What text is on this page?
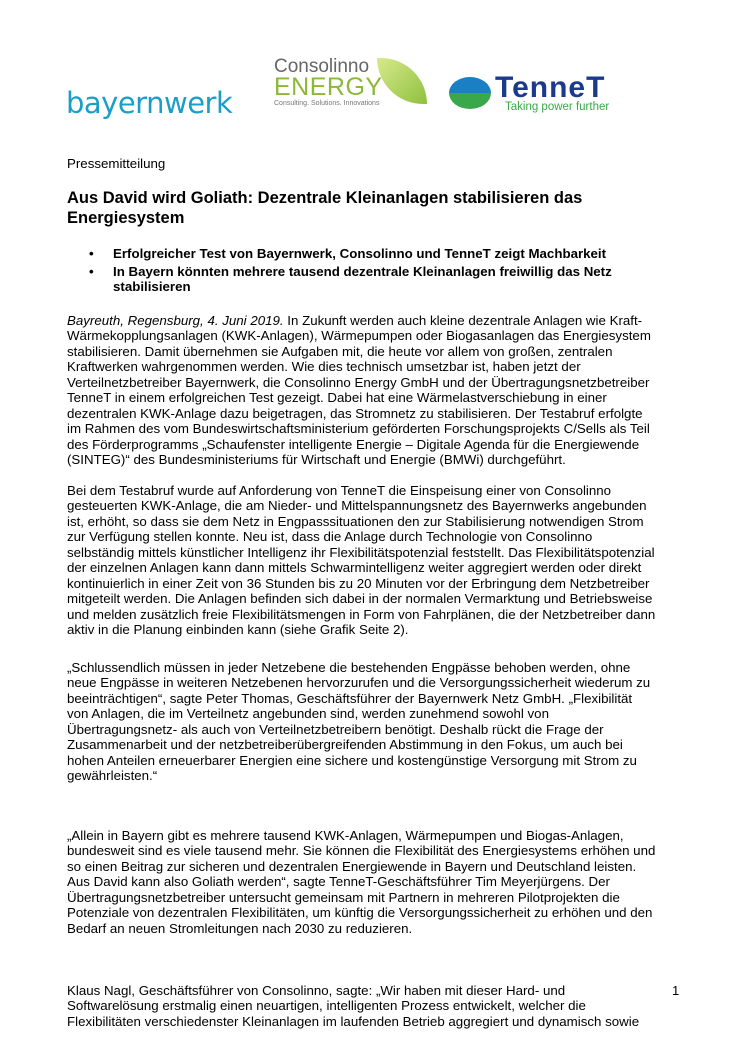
bayernwerk
Consolinno
ENERGY
Consulting. Solutions. Innovations	TenneT
Taking power further
Pressemitteilung
Aus David wird Goliath: Dezentrale Kleinanlagen stabilisieren das
Energiesystem
• Erfolgreicher Test von Bayernwerk, Consolinno und TenneT zeigt Machbarkeit
• In Bayern könnten mehrere tausend dezentrale Kleinanlagen freiwillig das Netz
stabilisieren
Bayreuth, Regensburg, 4. Juni 2019. In Zukunft werden auch kleine dezentrale Anlagen wie Kraft-
Wärmekopplungsanlagen (KWK-Anlagen), Wärmepumpen oder Biogasanlagen das Energiesystem
stabilisieren. Damit übernehmen sie Aufgaben mit, die heute vor allem von großen, zentralen
Kraftwerken wahrgenommen werden. Wie dies technisch umsetzbar ist, haben jetzt der
Verteilnetzbetreiber Bayernwerk, die Consolinno Energy GmbH und der Übertragungsnetzbetreiber
TenneT in einem erfolgreichen Test gezeigt. Dabei hat eine Wärmelastverschiebung in einer
dezentralen KWK-Anlage dazu beigetragen, das Stromnetz zu stabilisieren. Der Testabruf erfolgte
im Rahmen des vom Bundeswirtschaftsministerium geförderten Forschungsprojekts C/Sells als Teil
des Förderprogramms „Schaufenster intelligente Energie – Digitale Agenda für die Energiewende
(SINTEG)“ des Bundesministeriums für Wirtschaft und Energie (BMWi) durchgeführt.
Bei dem Testabruf wurde auf Anforderung von TenneT die Einspeisung einer von Consolinno
gesteuerten KWK-Anlage, die am Nieder- und Mittelspannungsnetz des Bayernwerks angebunden
ist, erhöht, so dass sie dem Netz in Engpasssituationen den zur Stabilisierung notwendigen Strom
zur Verfügung stellen konnte. Neu ist, dass die Anlage durch Technologie von Consolinno
selbständig mittels künstlicher Intelligenz ihr Flexibilitätspotenzial feststellt. Das Flexibilitätspotenzial
der einzelnen Anlagen kann dann mittels Schwarmintelligenz weiter aggregiert werden oder direkt
kontinuierlich in einer Zeit von 36 Stunden bis zu 20 Minuten vor der Erbringung dem Netzbetreiber
mitgeteilt werden. Die Anlagen befinden sich dabei in der normalen Vermarktung und Betriebsweise
und melden zusätzlich freie Flexibilitätsmengen in Form von Fahrplänen, die der Netzbetreiber dann
aktiv in die Planung einbinden kann (siehe Grafik Seite 2).
„Schlussendlich müssen in jeder Netzebene die bestehenden Engpässe behoben werden, ohne
neue Engpässe in weiteren Netzebenen hervorzurufen und die Versorgungssicherheit wiederum zu
beeinträchtigen“, sagte Peter Thomas, Geschäftsführer der Bayernwerk Netz GmbH. „Flexibilität
von Anlagen, die im Verteilnetz angebunden sind, werden zunehmend sowohl von
Übertragungsnetz- als auch von Verteilnetzbetreibern benötigt. Deshalb rückt die Frage der
Zusammenarbeit und der netzbetreiberübergreifenden Abstimmung in den Fokus, um auch bei
hohen Anteilen erneuerbarer Energien eine sichere und kostengünstige Versorgung mit Strom zu
gewährleisten.“
„Allein in Bayern gibt es mehrere tausend KWK-Anlagen, Wärmepumpen und Biogas-Anlagen,
bundesweit sind es viele tausend mehr. Sie können die Flexibilität des Energiesystems erhöhen und
so einen Beitrag zur sicheren und dezentralen Energiewende in Bayern und Deutschland leisten.
Aus David kann also Goliath werden“, sagte TenneT-Geschäftsführer Tim Meyerjürgens. Der
Übertragungsnetzbetreiber untersucht gemeinsam mit Partnern in mehreren Pilotprojekten die
Potenziale von dezentralen Flexibilitäten, um künftig die Versorgungssicherheit zu erhöhen und den
Bedarf an neuen Stromleitungen nach 2030 zu reduzieren.
Klaus Nagl, Geschäftsführer von Consolinno, sagte: „Wir haben mit dieser Hard- und
Softwarelösung erstmalig einen neuartigen, intelligenten Prozess entwickelt, welcher die
Flexibilitäten verschiedenster Kleinanlagen im laufenden Betrieb aggregiert und dynamisch sowie
1
